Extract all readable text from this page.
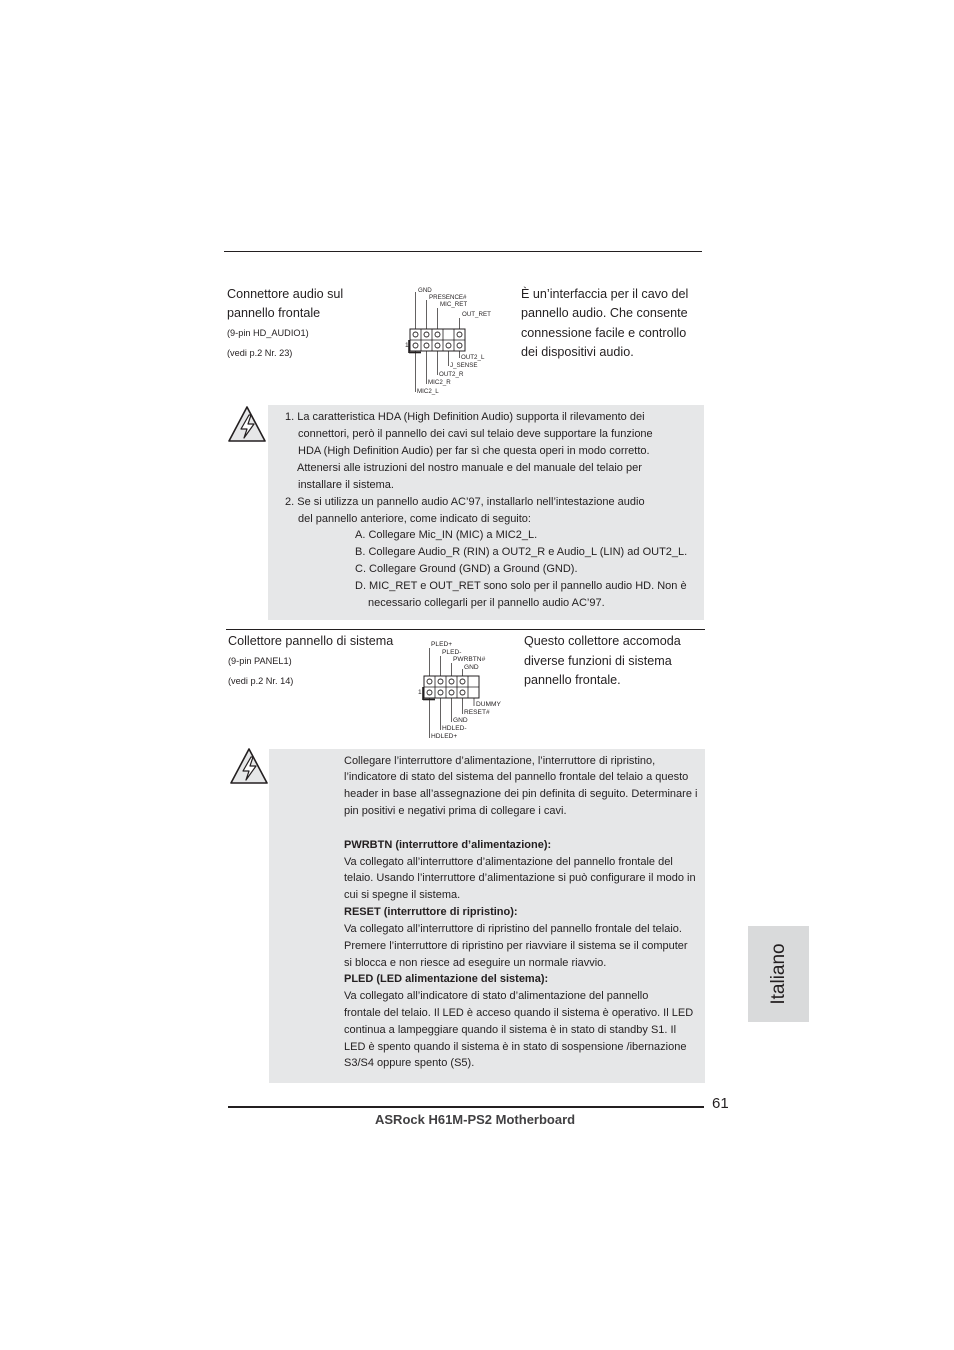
Connettore audio sul
pannello frontale
(9-pin HD_AUDIO1)
(vedi p.2 Nr. 23)
GND
PRESENCE#
MIC_RET
OUT_RET
1
OUT2_L
J_SENSE
OUT2_R
MIC2_R
MIC2_L
È un’interfaccia per il cavo del
pannello audio. Che consente
connessione facile e controllo
dei dispositivi audio.
1. La caratteristica HDA (High Definition Audio) supporta il rilevamento dei
connettori, però il pannello dei cavi sul telaio deve supportare la funzione
HDA (High Definition Audio) per far sì che questa operi in modo corretto.
Attenersi alle istruzioni del nostro manuale e del manuale del telaio per
installare il sistema.
2. Se si utilizza un pannello audio AC’97, installarlo nell’intestazione audio
del pannello anteriore, come indicato di seguito:
A. Collegare Mic_IN (MIC) a MIC2_L.
B. Collegare Audio_R (RIN) a OUT2_R e Audio_L (LIN) ad OUT2_L.
C. Collegare Ground (GND) a Ground (GND).
D. MIC_RET e OUT_RET sono solo per il pannello audio HD. Non è
necessario collegarli per il pannello audio AC’97.
Collettore pannello di sistema
(9-pin PANEL1)
(vedi p.2 Nr. 14)
PLED+
PLED-
PWRBTN#
GND
1
DUMMY
RESET#
GND
HDLED-
HDLED+
Questo collettore accomoda
diverse funzioni di sistema
pannello frontale.
Collegare l’interruttore d’alimentazione, l’interruttore di ripristino,
l’indicatore di stato del sistema del pannello frontale del telaio a questo
header in base all’assegnazione dei pin definita di seguito. Determinare i
pin positivi e negativi prima di collegare i cavi.
PWRBTN (interruttore d’alimentazione):
Va collegato all’interruttore d’alimentazione del pannello frontale del
telaio. Usando l’interruttore d’alimentazione si può configurare il modo in
cui si spegne il sistema.
RESET (interruttore di ripristino):
Va collegato all’interruttore di ripristino del pannello frontale del telaio.
Premere l’interruttore di ripristino per riavviare il sistema se il computer
si blocca e non riesce ad eseguire un normale riavvio.
PLED (LED alimentazione del sistema):
Va collegato all’indicatore di stato d’alimentazione del pannello
frontale del telaio. Il LED è acceso quando il sistema è operativo. Il LED
continua a lampeggiare quando il sistema è in stato di standby S1. Il
LED è spento quando il sistema è in stato di sospensione /ibernazione
S3/S4 oppure spento (S5).
Italiano
61
ASRock H61M-PS2 Motherboard
